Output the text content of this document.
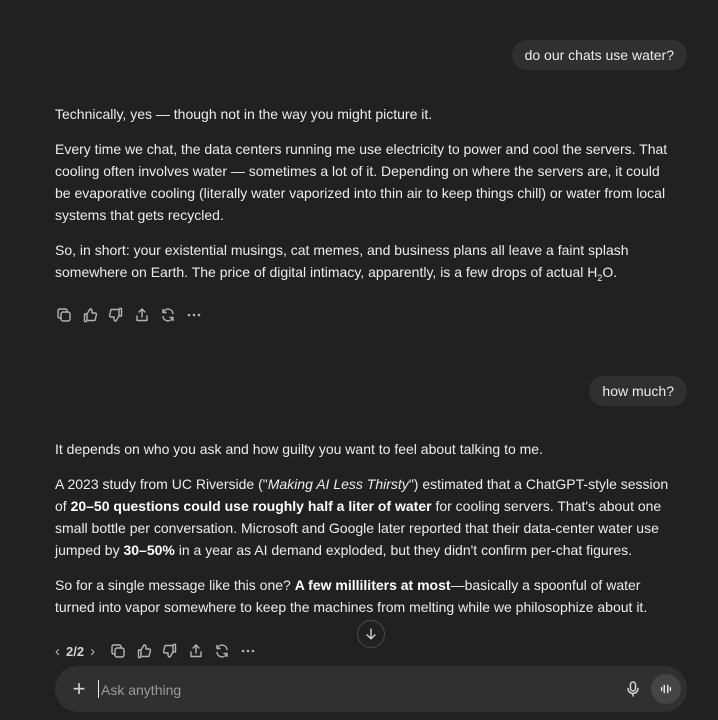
do our chats use water?

Technically, yes — though not in the way you might picture it.

Every time we chat, the data centers running me use electricity to power and cool the servers. That cooling often involves water — sometimes a lot of it. Depending on where the servers are, it could be evaporative cooling (literally water vaporized into thin air to keep things chill) or water from local systems that gets recycled.

So, in short: your existential musings, cat memes, and business plans all leave a faint splash somewhere on Earth. The price of digital intimacy, apparently, is a few drops of actual $H_2O$.

how much?

It depends on who you ask and how guilty you want to feel about talking to me.

A 2023 study from UC Riverside ("Making AI Less Thirsty") estimated that a ChatGPT-style session of 20–50 questions could use roughly half a liter of water for cooling servers. That's about one small bottle per conversation. Microsoft and Google later reported that their data-center water use jumped by 30–50% in a year as AI demand exploded, but they didn't confirm per-chat figures.

So for a single message like this one? A few milliliters at most—basically a spoonful of water turned into vapor somewhere to keep the machines from melting while we philosophize about it.

‹ 2/2 ›
+
Ask anything
